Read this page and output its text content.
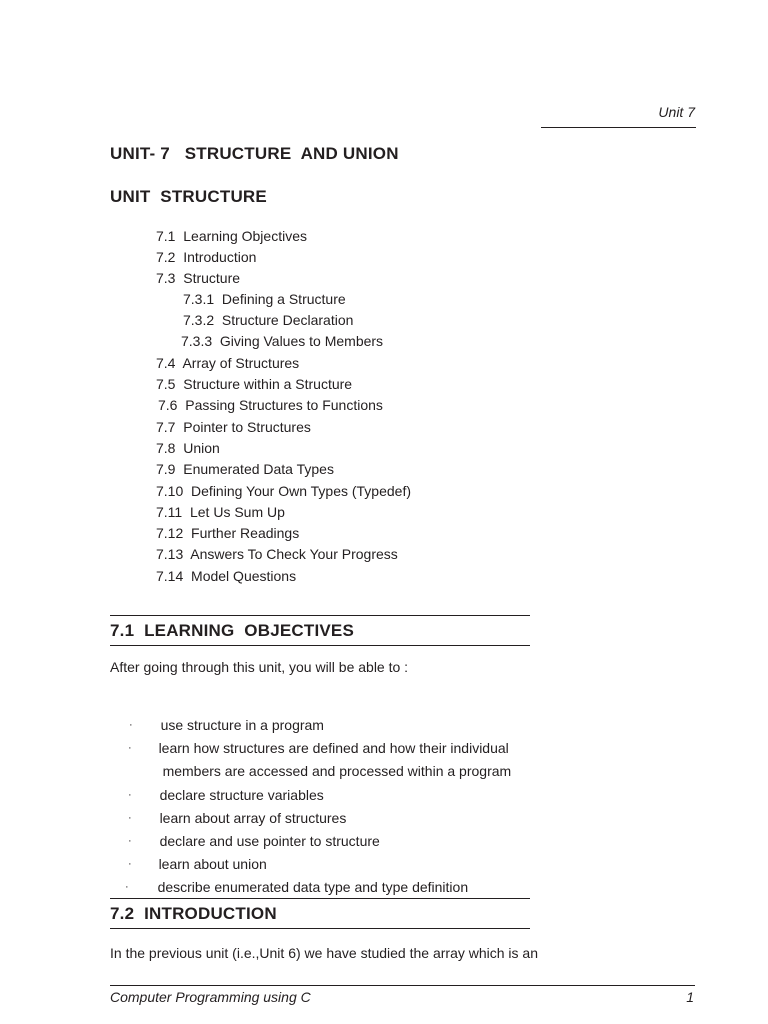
Unit 7
UNIT- 7   STRUCTURE  AND UNION
UNIT  STRUCTURE
7.1  Learning Objectives
7.2  Introduction
7.3  Structure
7.3.1  Defining a Structure
7.3.2  Structure Declaration
7.3.3  Giving Values to Members
7.4  Array of Structures
7.5  Structure within a Structure
7.6  Passing Structures to Functions
7.7  Pointer to Structures
7.8  Union
7.9  Enumerated Data Types
7.10  Defining Your Own Types (Typedef)
7.11  Let Us Sum Up
7.12  Further Readings
7.13  Answers To Check Your Progress
7.14  Model Questions
7.1  LEARNING  OBJECTIVES
After going through this unit, you will be able to :

· use structure in a program

· learn how structures are defined and how their individual

members are accessed and processed within a program

· declare structure variables

· learn about array of structures

· declare and use pointer to structure

· learn about union

· describe enumerated data type and type definition

7.2  INTRODUCTION
In the previous unit (i.e.,Unit 6) we have studied the array which is an
Computer Programming using C	1
